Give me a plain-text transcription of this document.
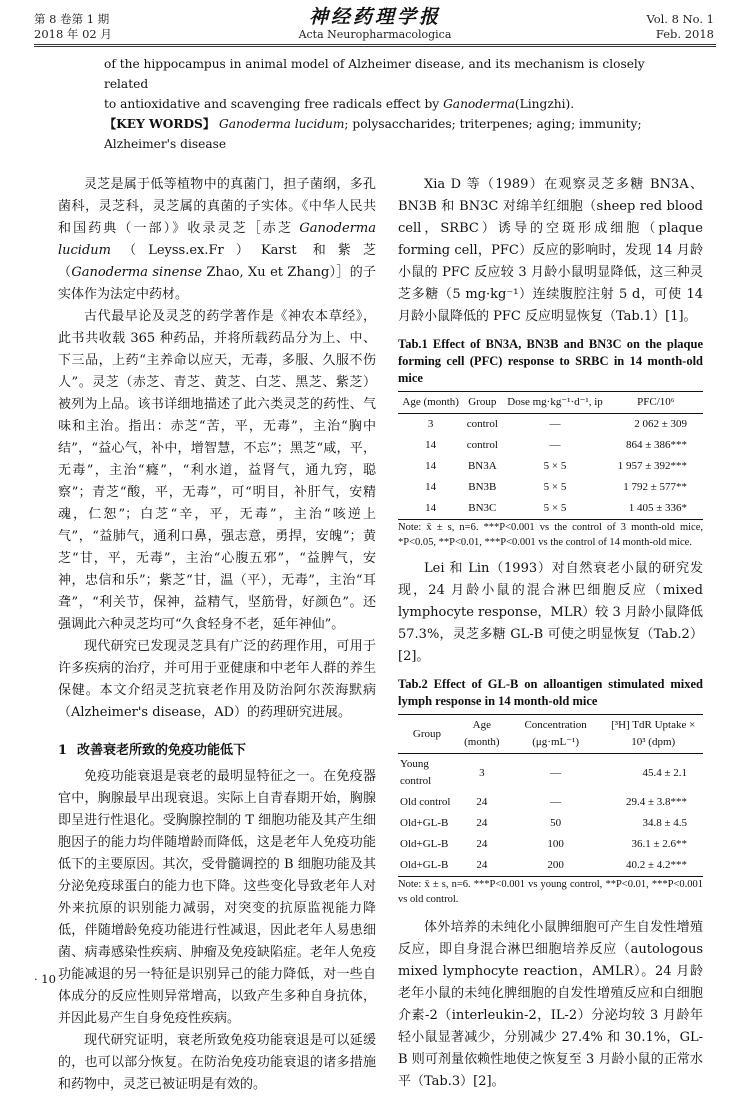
第 8 卷第 1 期
2018 年 02 月
神经药理学报
Acta Neuropharmacologica
Vol. 8 No. 1
Feb. 2018

of the hippocampus in animal model of Alzheimer disease, and its mechanism is closely related

to antioxidative and scavenging free radicals effect by Ganoderma(Lingzhi).

【KEY WORDS】 Ganoderma lucidum; polysaccharides; triterpenes; aging; immunity;

Alzheimer's disease

灵芝是属于低等植物中的真菌门，担子菌纲，多孔菌科，灵芝科，灵芝属的真菌的子实体。《中华人民共和国药典（一部）》收录灵芝［赤芝 Ganoderma lucidum（Leyss.ex.Fr）Karst 和紫芝（Ganoderma sinense Zhao, Xu et Zhang）］的子实体作为法定中药材。

古代最早论及灵芝的药学著作是《神农本草经》，此书共收载 365 种药品，并将所载药品分为上、中、下三品，上药“主养命以应天，无毒，多服、久服不伤人”。灵芝（赤芝、青芝、黄芝、白芝、黑芝、紫芝）被列为上品。该书详细地描述了此六类灵芝的药性、气味和主治。指出：赤芝“苦，平，无毒”，主治“胸中结”，“益心气，补中，增智慧，不忘”；黑芝“咸，平，无毒”，主治“癃”，“利水道，益肾气，通九窍，聪察”；青芝“酸，平，无毒”，可“明目，补肝气，安精魂，仁恕”；白芝“辛，平，无毒”，主治“咳逆上气”，“益肺气，通利口鼻，强志意，勇捍，安魄”；黄芝“甘，平，无毒”，主治“心腹五邪”，“益脾气，安神，忠信和乐”；紫芝“甘，温（平），无毒”，主治“耳聋”，“利关节，保神，益精气，坚筋骨，好颜色”。还强调此六种灵芝均可“久食轻身不老，延年神仙”。

现代研究已发现灵芝具有广泛的药理作用，可用于许多疾病的治疗，并可用于亚健康和中老年人群的养生保健。本文介绍灵芝抗衰老作用及防治阿尔茨海默病（Alzheimer's disease，AD）的药理研究进展。

1 改善衰老所致的免疫功能低下

免疫功能衰退是衰老的最明显特征之一。在免疫器官中，胸腺最早出现衰退。实际上自青春期开始，胸腺即呈进行性退化。受胸腺控制的 T 细胞功能及其产生细胞因子的能力均伴随增龄而降低，这是老年人免疫功能低下的主要原因。其次，受骨髓调控的 B 细胞功能及其分泌免疫球蛋白的能力也下降。这些变化导致老年人对外来抗原的识别能力减弱，对突变的抗原监视能力降低，伴随增龄免疫功能进行性减退，因此老年人易患细菌、病毒感染性疾病、肿瘤及免疫缺陷症。老年人免疫功能减退的另一特征是识别异己的能力降低，对一些自体成分的反应性则异常增高，以致产生多种自身抗体，并因此易产生自身免疫性疾病。

现代研究证明，衰老所致免疫功能衰退是可以延缓的，也可以部分恢复。在防治免疫功能衰退的诸多措施和药物中，灵芝已被证明是有效的。

Xia D 等（1989）在观察灵芝多糖 BN3A、BN3B 和 BN3C 对绵羊红细胞（sheep red blood cell，SRBC）诱导的空斑形成细胞（plaque forming cell，PFC）反应的影响时，发现 14 月龄小鼠的 PFC 反应较 3 月龄小鼠明显降低，这三种灵芝多糖（5 mg·kg⁻¹）连续腹腔注射 5 d，可使 14 月龄小鼠降低的 PFC 反应明显恢复（Tab.1）[1]。

Tab.1 Effect of BN3A, BN3B and BN3C on the plaque forming cell (PFC) response to SRBC in 14 month-old mice
Age (month)	Group	Dose mg·kg⁻¹·d⁻¹, ip	PFC/10⁶
3	control	—	2 062 ± 309
14	control	—	864 ± 386***
14	BN3A	5 × 5	1 957 ± 392***
14	BN3B	5 × 5	1 792 ± 577**
14	BN3C	5 × 5	1 405 ± 336*

Note: x̄ ± s, n=6. ***P<0.001 vs the control of 3 month-old mice, *P<0.05, **P<0.01, ***P<0.001 vs the control of 14 month-old mice.

Lei 和 Lin（1993）对自然衰老小鼠的研究发现，24 月龄小鼠的混合淋巴细胞反应（mixed lymphocyte response，MLR）较 3 月龄小鼠降低 57.3%，灵芝多糖 GL-B 可使之明显恢复（Tab.2）[2]。

Tab.2 Effect of GL-B on alloantigen stimulated mixed lymph response in 14 month-old mice
Group	Age (month)	Concentration (μg·mL⁻¹)	[³H] TdR Uptake × 10³ (dpm)
Young control	3	—	45.4 ± 2.1
Old control	24	—	29.4 ± 3.8***
Old+GL-B	24	50	34.8 ± 4.5
Old+GL-B	24	100	36.1 ± 2.6**
Old+GL-B	24	200	40.2 ± 4.2***

Note: x̄ ± s, n=6. ***P<0.001 vs young control, **P<0.01, ***P<0.001 vs old control.

体外培养的未纯化小鼠脾细胞可产生自发性增殖反应，即自身混合淋巴细胞培养反应（autologous mixed lymphocyte reaction，AMLR）。24 月龄老年小鼠的未纯化脾细胞的自发性增殖反应和白细胞介素-2（interleukin-2，IL-2）分泌均较 3 月龄年轻小鼠显著减少，分别减少 27.4% 和 30.1%，GL-B 则可剂量依赖性地使之恢复至 3 月龄小鼠的正常水平（Tab.3）[2]。

· 10 ·
